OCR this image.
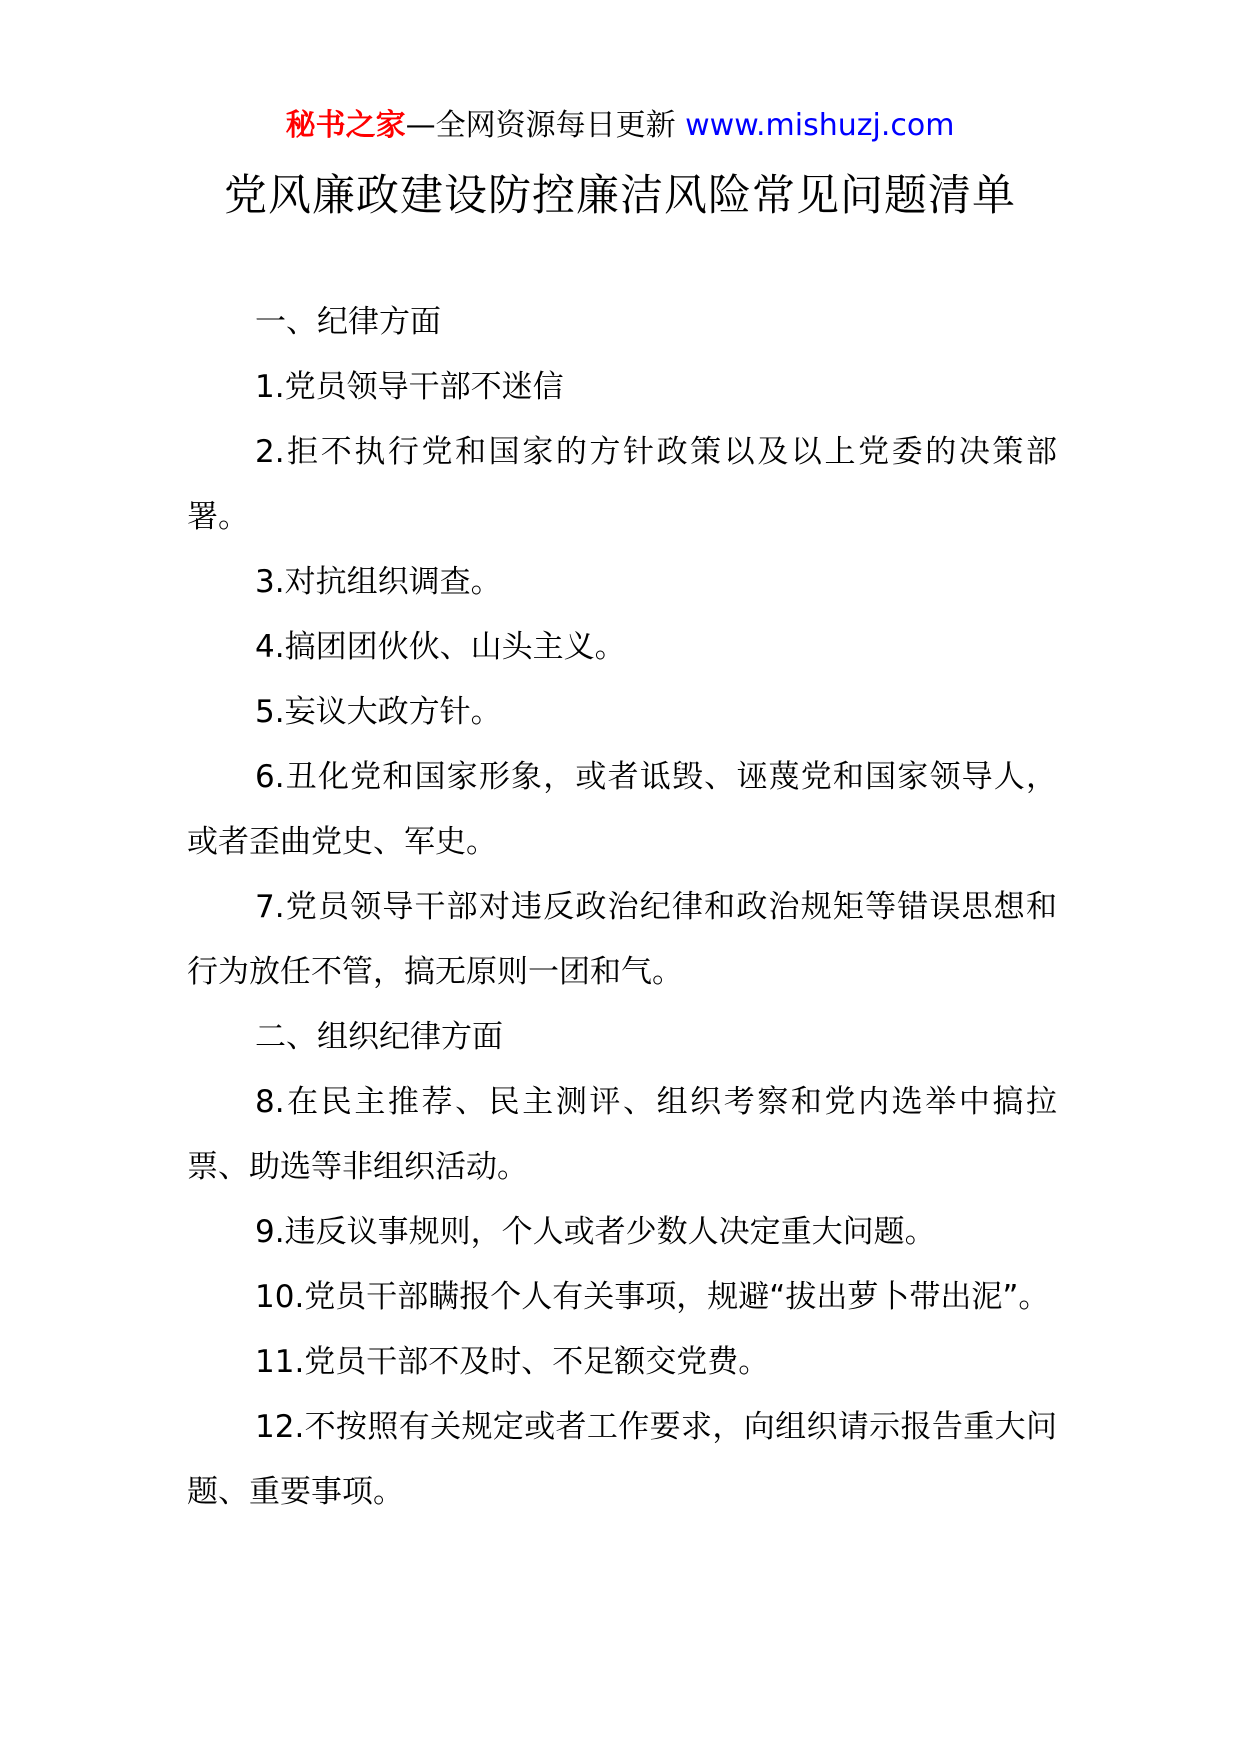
秘书之家—全网资源每日更新 www.mishuzj.com
党风廉政建设防控廉洁风险常见问题清单

一、纪律方面

1.党员领导干部不迷信

2.拒不执行党和国家的方针政策以及以上党委的决策部署。

3.对抗组织调查。

4.搞团团伙伙、山头主义。

5.妄议大政方针。

6.丑化党和国家形象，或者诋毁、诬蔑党和国家领导人，或者歪曲党史、军史。

7.党员领导干部对违反政治纪律和政治规矩等错误思想和行为放任不管，搞无原则一团和气。

二、组织纪律方面

8.在民主推荐、民主测评、组织考察和党内选举中搞拉票、助选等非组织活动。

9.违反议事规则，个人或者少数人决定重大问题。

10.党员干部瞒报个人有关事项，规避“拔出萝卜带出泥”。

11.党员干部不及时、不足额交党费。

12.不按照有关规定或者工作要求，向组织请示报告重大问题、重要事项。
